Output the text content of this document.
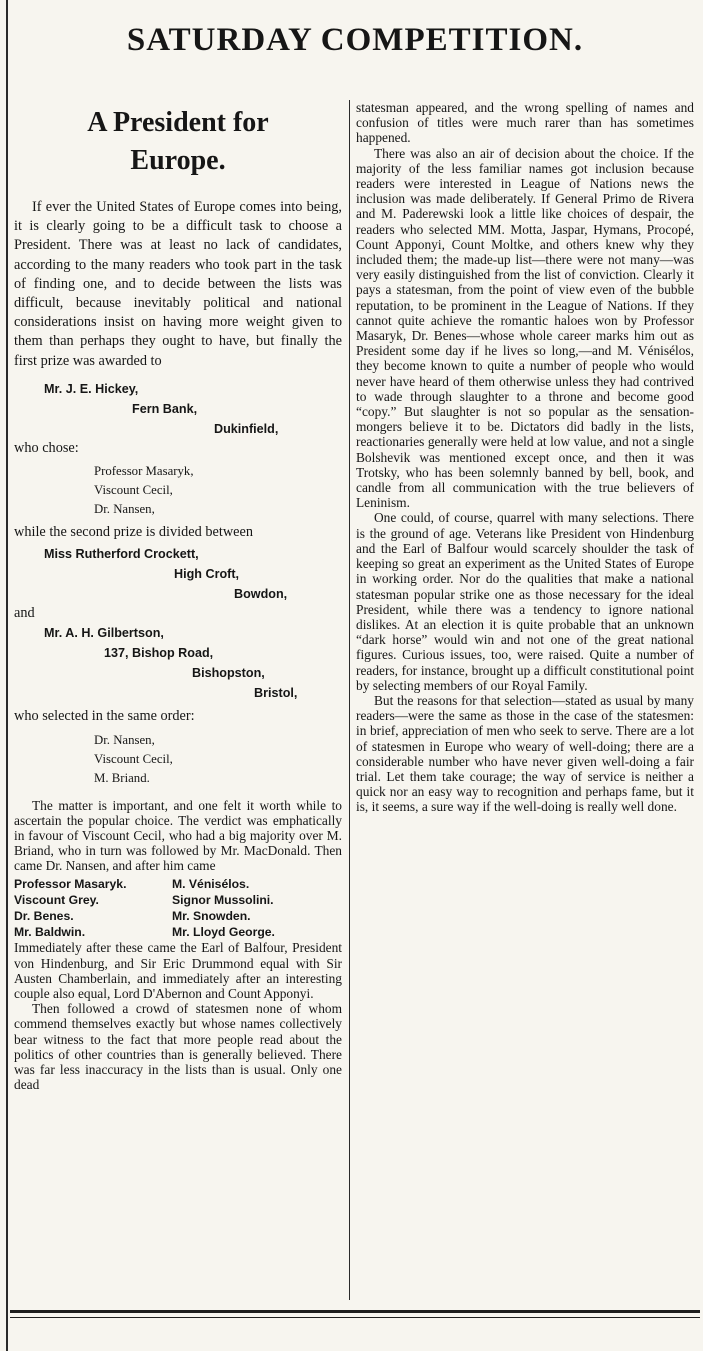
SATURDAY COMPETITION.
A President for
Europe.

If ever the United States of Europe comes into being, it is clearly going to be a difficult task to choose a President. There was at least no lack of candidates, according to the many readers who took part in the task of finding one, and to decide between the lists was difficult, because inevitably political and national considerations insist on having more weight given to them than perhaps they ought to have, but finally the first prize was awarded to

Mr. J. E. Hickey,
Fern Bank,
Dukinfield,

who chose:

Professor Masaryk,
Viscount Cecil,
Dr. Nansen,

while the second prize is divided between

Miss Rutherford Crockett,
High Croft,
Bowdon,

and

Mr. A. H. Gilbertson,
137, Bishop Road,
Bishopston,
Bristol,

who selected in the same order:

Dr. Nansen,
Viscount Cecil,
M. Briand.

The matter is important, and one felt it worth while to ascertain the popular choice. The verdict was emphatically in favour of Viscount Cecil, who had a big majority over M. Briand, who in turn was followed by Mr. MacDonald. Then came Dr. Nansen, and after him came

Professor Masaryk.	M. Vénisélos.
Viscount Grey.	Signor Mussolini.
Dr. Benes.	Mr. Snowden.
Mr. Baldwin.	Mr. Lloyd George.

Immediately after these came the Earl of Balfour, President von Hindenburg, and Sir Eric Drummond equal with Sir Austen Chamberlain, and immediately after an interesting couple also equal, Lord D'Abernon and Count Apponyi.

Then followed a crowd of statesmen none of whom commend themselves exactly but whose names collectively bear witness to the fact that more people read about the politics of other countries than is generally believed. There was far less inaccuracy in the lists than is usual. Only one dead

statesman appeared, and the wrong spelling of names and confusion of titles were much rarer than has sometimes happened.

There was also an air of decision about the choice. If the majority of the less familiar names got inclusion because readers were interested in League of Nations news the inclusion was made deliberately. If General Primo de Rivera and M. Paderewski look a little like choices of despair, the readers who selected MM. Motta, Jaspar, Hymans, Procopé, Count Apponyi, Count Moltke, and others knew why they included them; the made-up list—there were not many—was very easily distinguished from the list of conviction. Clearly it pays a statesman, from the point of view even of the bubble reputation, to be prominent in the League of Nations. If they cannot quite achieve the romantic haloes won by Professor Masaryk, Dr. Benes—whose whole career marks him out as President some day if he lives so long,—and M. Vénisélos, they become known to quite a number of people who would never have heard of them otherwise unless they had contrived to wade through slaughter to a throne and become good “copy.” But slaughter is not so popular as the sensation-mongers believe it to be. Dictators did badly in the lists, reactionaries generally were held at low value, and not a single Bolshevik was mentioned except once, and then it was Trotsky, who has been solemnly banned by bell, book, and candle from all communication with the true believers of Leninism.

One could, of course, quarrel with many selections. There is the ground of age. Veterans like President von Hindenburg and the Earl of Balfour would scarcely shoulder the task of keeping so great an experiment as the United States of Europe in working order. Nor do the qualities that make a national statesman popular strike one as those necessary for the ideal President, while there was a tendency to ignore national dislikes. At an election it is quite probable that an unknown “dark horse” would win and not one of the great national figures. Curious issues, too, were raised. Quite a number of readers, for instance, brought up a difficult constitutional point by selecting members of our Royal Family.

But the reasons for that selection—stated as usual by many readers—were the same as those in the case of the statesmen: in brief, appreciation of men who seek to serve. There are a lot of statesmen in Europe who weary of well-doing; there are a considerable number who have never given well-doing a fair trial. Let them take courage; the way of service is neither a quick nor an easy way to recognition and perhaps fame, but it is, it seems, a sure way if the well-doing is really well done.
